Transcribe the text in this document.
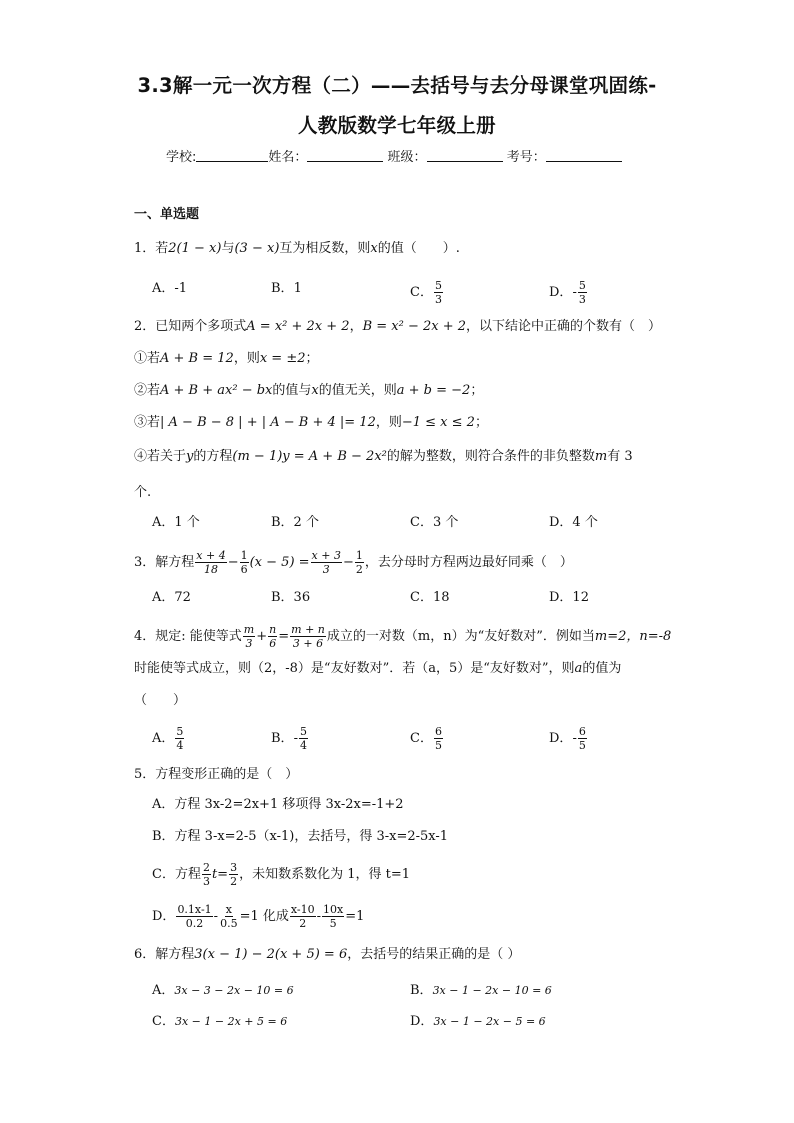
3.3解一元一次方程（二）——去括号与去分母课堂巩固练-
人教版数学七年级上册
学校:	姓名：	班级：	考号：
一、单选题
1．若2(1 − x)与(3 − x)互为相反数，则x的值（　　）.
A．-1	B．1	C． $\frac{5}{3}$	D．- $\frac{5}{3}$
2．已知两个多项式A = x² + 2x + 2，B = x² − 2x + 2，以下结论中正确的个数有（　）
①若A + B = 12，则x = ±2；
②若A + B + ax² − bx的值与x的值无关，则a + b = −2；
③若| A − B − 8 | + | A − B + 4 |= 12，则−1 ≤ x ≤ 2；
④若关于y的方程(m − 1)y = A + B − 2x²的解为整数，则符合条件的非负整数m有 3
个.
A．1 个	B．2 个	C．3 个	D．4 个
3．解方程 $\frac{x + 4}{18} - \frac{1}{6} (x - 5) = \frac{x + 3}{3} - \frac{1}{2}$ ，去分母时方程两边最好同乘（　）
A．72	B．36	C．18	D．12
4．规定: 能使等式 $\frac{m}{3} + \frac{n}{6} = \frac{m + n}{3 + 6}$ 成立的一对数（m，n）为“友好数对”．例如当m=2，n=-8
时能使等式成立，则（2，-8）是“友好数对”．若（a，5）是“友好数对”，则a的值为
（　　）
A． $\frac{5}{4}$	B．- $\frac{5}{4}$	C． $\frac{6}{5}$	D．- $\frac{6}{5}$
5．方程变形正确的是（　）
A．方程 3x-2=2x+1 移项得 3x-2x=-1+2
B．方程 3-x=2-5（x-1)，去括号，得 3-x=2-5x-1
C．方程 $\frac{2}{3} t= \frac{3}{2}$ ，未知数系数化为 1，得 t=1
D． $\frac{0.1x-1}{0.2} - \frac{x}{0.5} =1$ 化成 $\frac{x-10}{2} - \frac{10x}{5} =1$
6．解方程3(x − 1) − 2(x + 5) = 6，去括号的结果正确的是（ ）
A．3x − 3 − 2x − 10 = 6	B．3x − 1 − 2x − 10 = 6
C．3x − 1 − 2x + 5 = 6	D．3x − 1 − 2x − 5 = 6
